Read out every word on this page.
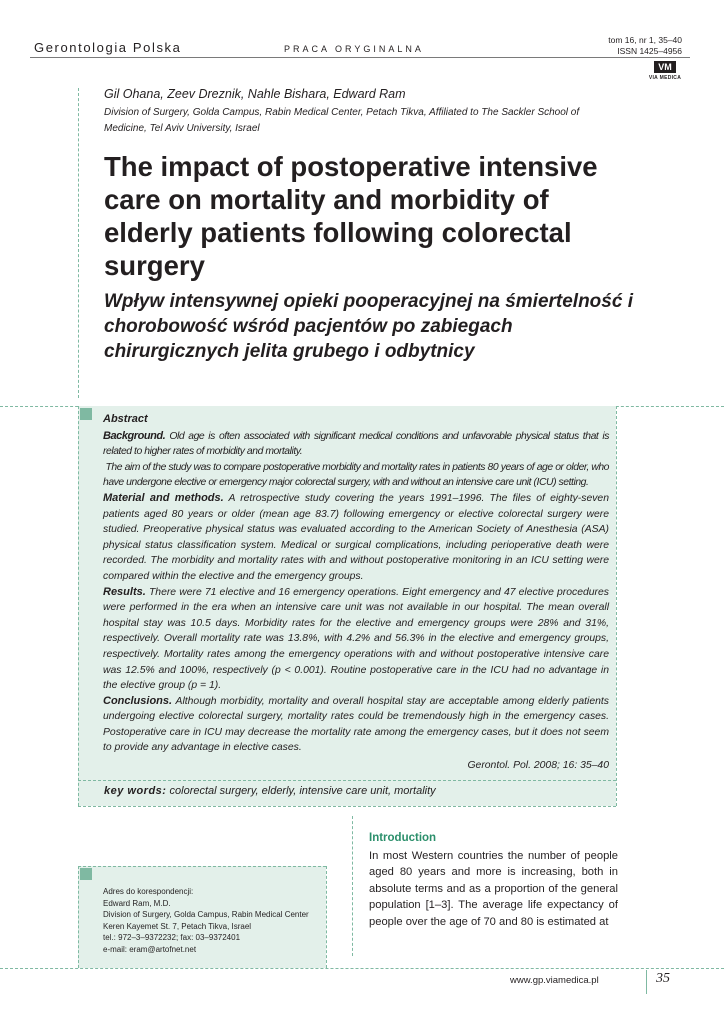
Gerontologia Polska	PRACA ORYGINALNA
tom 16, nr 1, 35–40
ISSN 1425–4956
VM
VIA MEDICA
Gil Ohana, Zeev Dreznik, Nahle Bishara, Edward Ram
Division of Surgery, Golda Campus, Rabin Medical Center, Petach Tikva, Affiliated to The Sackler School of Medicine, Tel Aviv University, Israel
The impact of postoperative intensive care on mortality and morbidity of elderly patients following colorectal surgery
Wpływ intensywnej opieki pooperacyjnej na śmiertelność i chorobowość wśród pacjentów po zabiegach chirurgicznych jelita grubego i odbytnicy
Abstract

Background. Old age is often associated with significant medical conditions and unfavorable physical status that is related to higher rates of morbidity and mortality.

The aim of the study was to compare postoperative morbidity and mortality rates in patients 80 years of age or older, who have undergone elective or emergency major colorectal surgery, with and without an intensive care unit (ICU) setting.

Material and methods. A retrospective study covering the years 1991–1996. The files of eighty-seven patients aged 80 years or older (mean age 83.7) following emergency or elective colorectal surgery were studied. Preoperative physical status was evaluated according to the American Society of Anesthesia (ASA) physical status classification system. Medical or surgical complications, including perioperative death were recorded. The morbidity and mortality rates with and without postoperative monitoring in an ICU setting were compared within the elective and the emergency groups.

Results. There were 71 elective and 16 emergency operations. Eight emergency and 47 elective procedures were performed in the era when an intensive care unit was not available in our hospital. The mean overall hospital stay was 10.5 days. Morbidity rates for the elective and emergency groups were 28% and 31%, respectively. Overall mortality rate was 13.8%, with 4.2% and 56.3% in the elective and emergency groups, respectively. Mortality rates among the emergency operations with and without postoperative intensive care was 12.5% and 100%, respectively (p < 0.001). Routine postoperative care in the ICU had no advantage in the elective group (p = 1).

Conclusions. Although morbidity, mortality and overall hospital stay are acceptable among elderly patients undergoing elective colorectal surgery, mortality rates could be tremendously high in the emergency cases. Postoperative care in ICU may decrease the mortality rate among the emergency cases, but it does not seem to provide any advantage in elective cases.

Gerontol. Pol. 2008; 16: 35–40
key words: colorectal surgery, elderly, intensive care unit, mortality
Adres do korespondencji:
Edward Ram, M.D.
Division of Surgery, Golda Campus, Rabin Medical Center
Keren Kayemet St. 7, Petach Tikva, Israel
tel.: 972–3–9372232; fax: 03–9372401
e-mail: eram@artofnet.net
Introduction

In most Western countries the number of people aged 80 years and more is increasing, both in absolute terms and as a proportion of the general population [1–3]. The average life expectancy of people over the age of 70 and 80 is estimated at

www.gp.viamedica.pl	35
